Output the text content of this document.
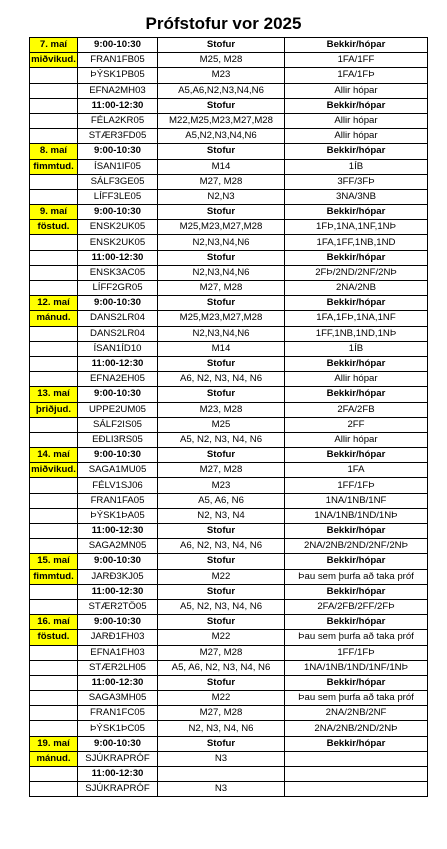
Prófstofur vor 2025
7. maí	9:00-10:30	Stofur	Bekkir/hópar
miðvikud.	FRAN1FB05	M25, M28	1FA/1FF
	ÞÝSK1PB05	M23	1FA/1FÞ
	EFNA2MH03	A5,A6,N2,N3,N4,N6	Allir hópar
	11:00-12:30	Stofur	Bekkir/hópar
	FÉLA2KR05	M22,M25,M23,M27,M28	Allir hópar
	STÆR3FD05	A5,N2,N3,N4,N6	Allir hópar
8. maí	9:00-10:30	Stofur	Bekkir/hópar
fimmtud.	ÍSAN1IF05	M14	1ÍB
	SÁLF3GE05	M27, M28	3FF/3FÞ
	LÍFF3LE05	N2,N3	3NA/3NB
9. maí	9:00-10:30	Stofur	Bekkir/hópar
föstud.	ENSK2UK05	M25,M23,M27,M28	1FÞ,1NA,1NF,1NÞ
	ENSK2UK05	N2,N3,N4,N6	1FA,1FF,1NB,1ND
	11:00-12:30	Stofur	Bekkir/hópar
	ENSK3AC05	N2,N3,N4,N6	2FÞ/2ND/2NF/2NÞ
	LÍFF2GR05	M27, M28	2NA/2NB
12. maí	9:00-10:30	Stofur	Bekkir/hópar
mánud.	DANS2LR04	M25,M23,M27,M28	1FA,1FÞ,1NA,1NF
	DANS2LR04	N2,N3,N4,N6	1FF,1NB,1ND,1NÞ
	ÍSAN1ÍD10	M14	1ÍB
	11:00-12:30	Stofur	Bekkir/hópar
	EFNA2EH05	A6, N2, N3, N4, N6	Allir hópar
13. maí	9:00-10:30	Stofur	Bekkir/hópar
þriðjud.	UPPE2UM05	M23, M28	2FA/2FB
	SÁLF2IS05	M25	2FF
	EÐLI3RS05	A5, N2, N3, N4, N6	Allir hópar
14. maí	9:00-10:30	Stofur	Bekkir/hópar
miðvikud.	SAGA1MU05	M27, M28	1FA
	FÉLV1SJ06	M23	1FF/1FÞ
	FRAN1FA05	A5, A6, N6	1NA/1NB/1NF
	ÞÝSK1ÞA05	N2, N3, N4	1NA/1NB/1ND/1NÞ
	11:00-12:30	Stofur	Bekkir/hópar
	SAGA2MN05	A6, N2, N3, N4, N6	2NA/2NB/2ND/2NF/2NÞ
15. maí	9:00-10:30	Stofur	Bekkir/hópar
fimmtud.	JARÐ3KJ05	M22	Þau sem þurfa að taka próf
	11:00-12:30	Stofur	Bekkir/hópar
	STÆR2TÖ05	A5, N2, N3, N4, N6	2FA/2FB/2FF/2FÞ
16. maí	9:00-10:30	Stofur	Bekkir/hópar
föstud.	JARÐ1FH03	M22	Þau sem þurfa að taka próf
	EFNA1FH03	M27, M28	1FF/1FÞ
	STÆR2LH05	A5, A6, N2, N3, N4, N6	1NA/1NB/1ND/1NF/1NÞ
	11:00-12:30	Stofur	Bekkir/hópar
	SAGA3MH05	M22	Þau sem þurfa að taka próf
	FRAN1FC05	M27, M28	2NA/2NB/2NF
	ÞÝSK1ÞC05	N2, N3, N4, N6	2NA/2NB/2ND/2NÞ
19. maí	9:00-10:30	Stofur	Bekkir/hópar
mánud.	SJÚKRAPRÓF	N3	
	11:00-12:30		
	SJÚKRAPRÓF	N3	
